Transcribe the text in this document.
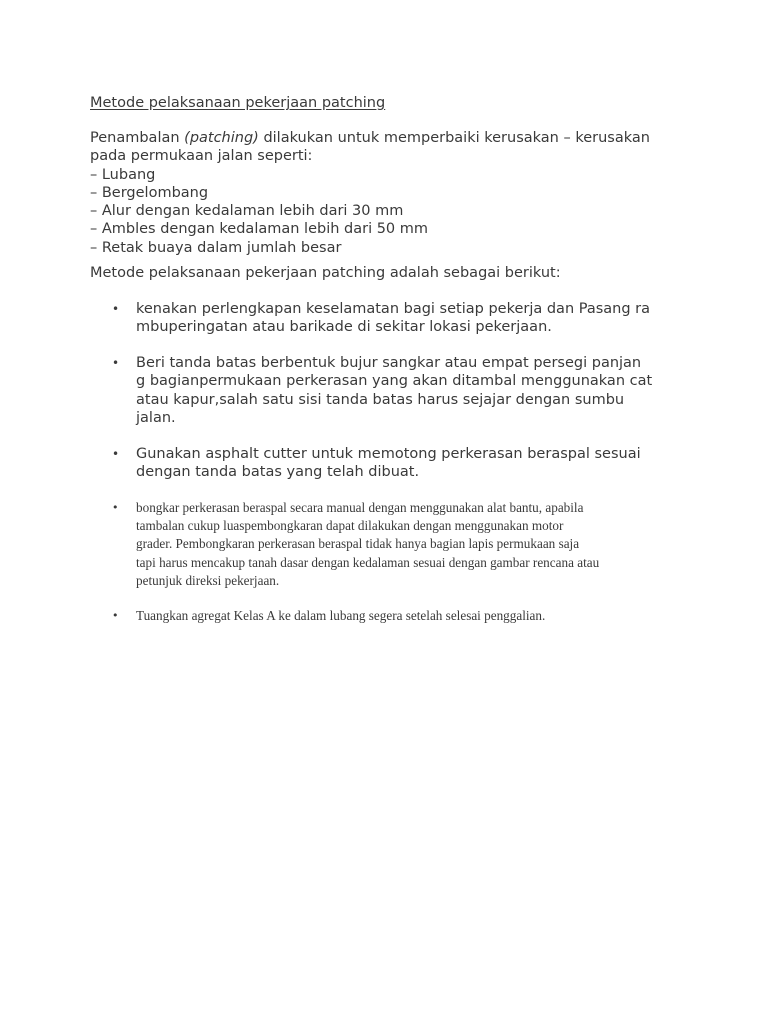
Metode pelaksanaan pekerjaan patching
Penambalan (patching) dilakukan untuk memperbaiki kerusakan – kerusakan
pada permukaan jalan seperti:
– Lubang
– Bergelombang
– Alur dengan kedalaman lebih dari 30 mm
– Ambles dengan kedalaman lebih dari 50 mm
– Retak buaya dalam jumlah besar
Metode pelaksanaan pekerjaan patching adalah sebagai berikut:
• kenakan perlengkapan keselamatan bagi setiap pekerja dan Pasang ra
mbuperingatan atau barikade di sekitar lokasi pekerjaan.
• Beri tanda batas berbentuk bujur sangkar atau empat persegi panjan
g bagianpermukaan perkerasan yang akan ditambal menggunakan cat
atau kapur,salah satu sisi tanda batas harus sejajar dengan sumbu
jalan.
• Gunakan asphalt cutter untuk memotong perkerasan beraspal sesuai
dengan tanda batas yang telah dibuat.
• bongkar perkerasan beraspal secara manual dengan menggunakan alat bantu, apabila
tambalan cukup luaspembongkaran dapat dilakukan dengan menggunakan motor
grader. Pembongkaran perkerasan beraspal tidak hanya bagian lapis permukaan saja
tapi harus mencakup tanah dasar dengan kedalaman sesuai dengan gambar rencana atau
petunjuk direksi pekerjaan.
• Tuangkan agregat Kelas A ke dalam lubang segera setelah selesai penggalian.
